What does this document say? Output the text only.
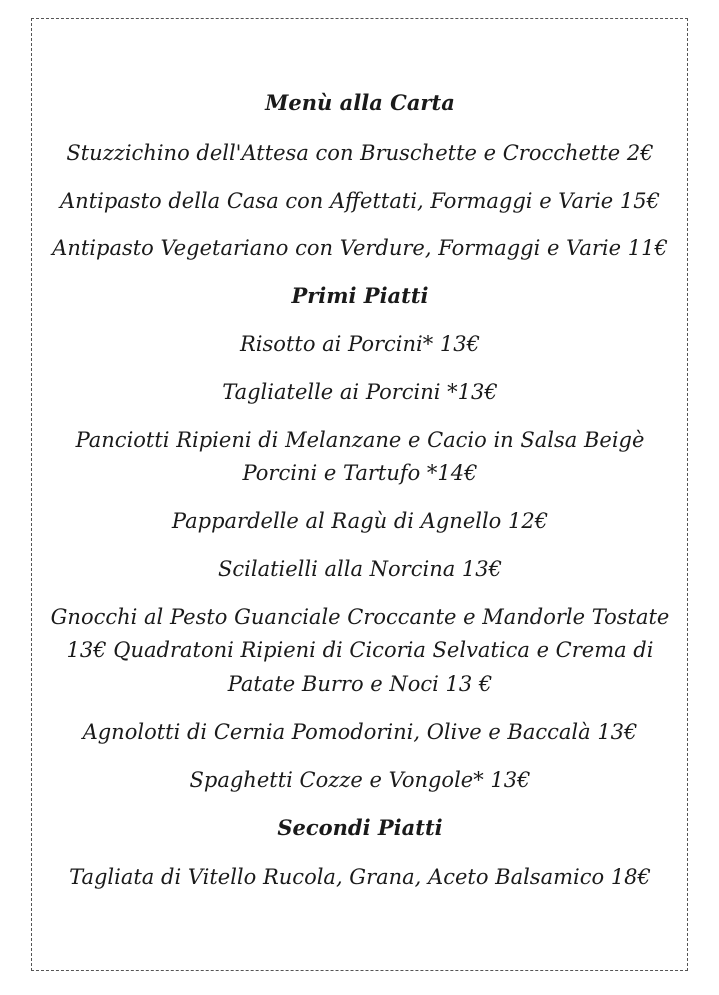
Menù alla Carta
Stuzzichino dell'Attesa con Bruschette e Crocchette 2€
Antipasto della Casa con Affettati, Formaggi e Varie 15€
Antipasto Vegetariano con Verdure, Formaggi e Varie 11€
Primi Piatti
Risotto ai Porcini* 13€
Tagliatelle ai Porcini *13€
Panciotti Ripieni di Melanzane e Cacio in Salsa Beigè
Porcini e Tartufo *14€
Pappardelle al Ragù di Agnello 12€
Scilatielli alla Norcina 13€
Gnocchi al Pesto Guanciale Croccante e Mandorle Tostate
13€ Quadratoni Ripieni di Cicoria Selvatica e Crema di
Patate Burro e Noci 13 €
Agnolotti di Cernia Pomodorini, Olive e Baccalà 13€
Spaghetti Cozze e Vongole* 13€
Secondi Piatti
Tagliata di Vitello Rucola, Grana, Aceto Balsamico 18€
